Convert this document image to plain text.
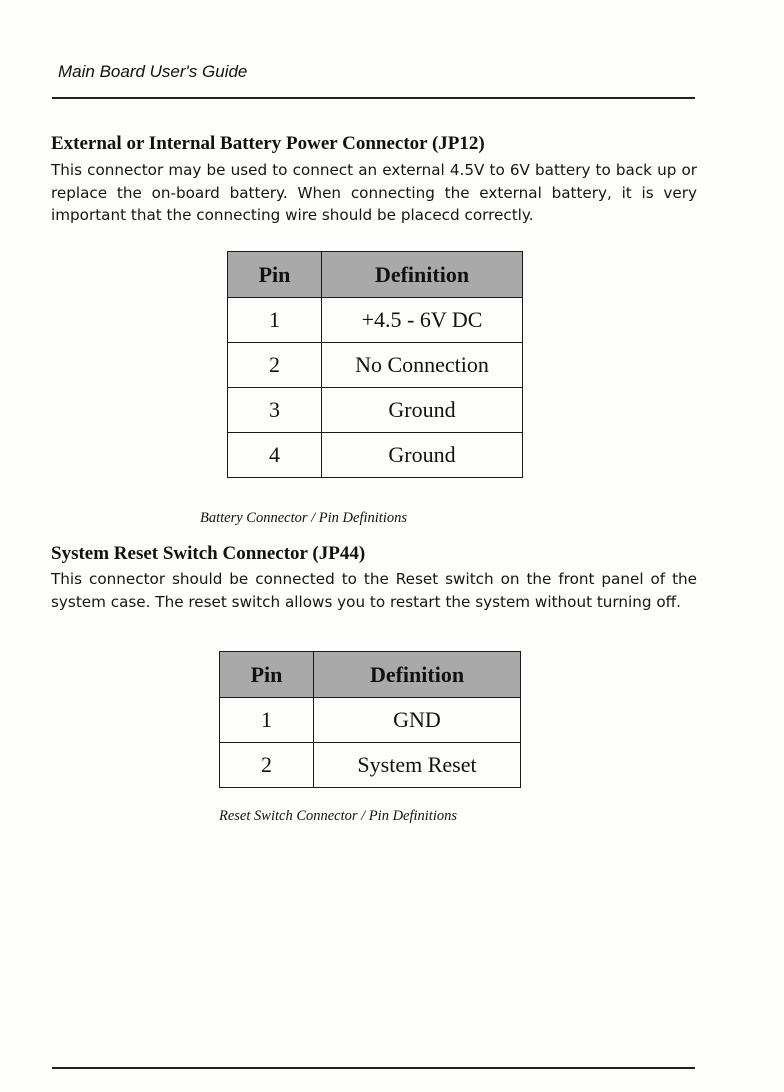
Main Board User's Guide
External or Internal Battery Power Connector (JP12)
This connector may be used to connect an external 4.5V to 6V battery to back up or replace the on-board battery. When connecting the external battery, it is very important that the connecting wire should be placecd correctly.
Pin	Definition
1	+4.5 - 6V DC
2	No Connection
3	Ground
4	Ground
Battery Connector / Pin Definitions
System Reset Switch Connector (JP44)
This connector should be connected to the Reset switch on the front panel of the system case. The reset switch allows you to restart the system without turning off.
Pin	Definition
1	GND
2	System Reset
Reset Switch Connector / Pin Definitions
